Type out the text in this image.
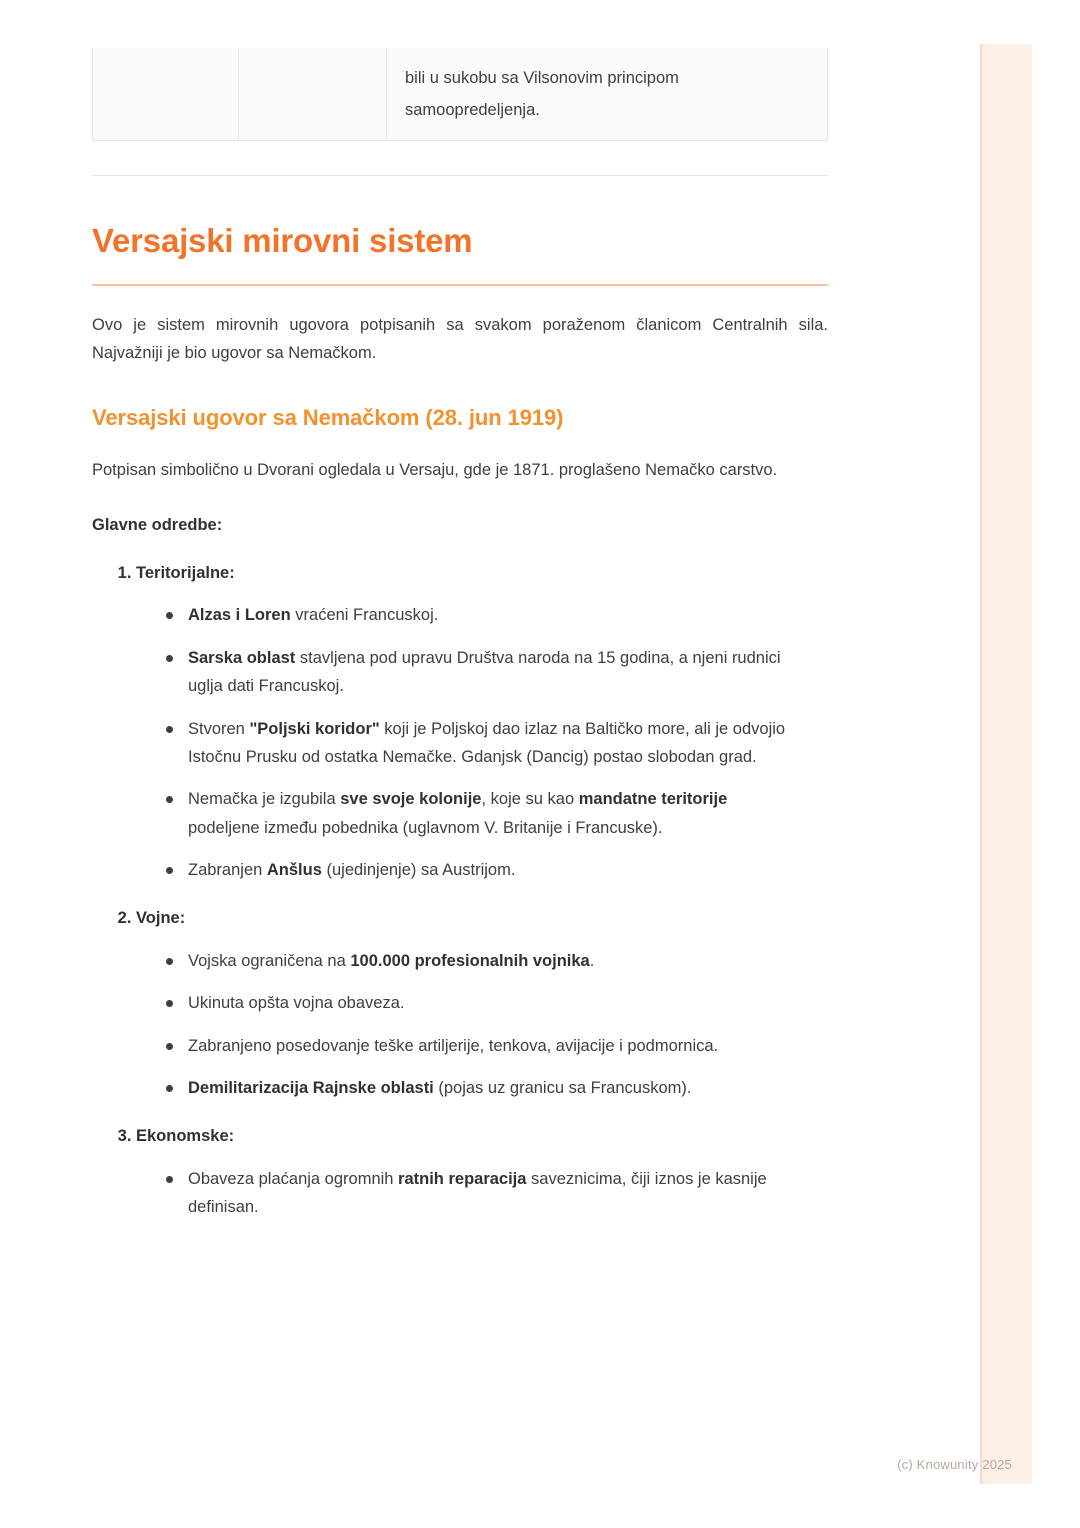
bili u sukobu sa Vilsonovim principom samoopredeljenja.
Versajski mirovni sistem

Ovo je sistem mirovnih ugovora potpisanih sa svakom poraženom članicom Centralnih sila. Najvažniji je bio ugovor sa Nemačkom.

Versajski ugovor sa Nemačkom (28. jun 1919)

Potpisan simbolično u Dvorani ogledala u Versaju, gde je 1871. proglašeno Nemačko carstvo.

Glavne odredbe:

1. Teritorijalne:
Alzas i Loren vraćeni Francuskoj.
Sarska oblast stavljena pod upravu Društva naroda na 15 godina, a njeni rudnici uglja dati Francuskoj.
Stvoren "Poljski koridor" koji je Poljskoj dao izlaz na Baltičko more, ali je odvojio Istočnu Prusku od ostatka Nemačke. Gdanjsk (Dancig) postao slobodan grad.
Nemačka je izgubila sve svoje kolonije, koje su kao mandatne teritorije podeljene između pobednika (uglavnom V. Britanije i Francuske).
Zabranjen Anšlus (ujedinjenje) sa Austrijom.
2. Vojne:
Vojska ograničena na 100.000 profesionalnih vojnika.
Ukinuta opšta vojna obaveza.
Zabranjeno posedovanje teške artiljerije, tenkova, avijacije i podmornica.
Demilitarizacija Rajnske oblasti (pojas uz granicu sa Francuskom).
3. Ekonomske:
Obaveza plaćanja ogromnih ratnih reparacija saveznicima, čiji iznos je kasnije definisan.
(c) Knowunity 2025
